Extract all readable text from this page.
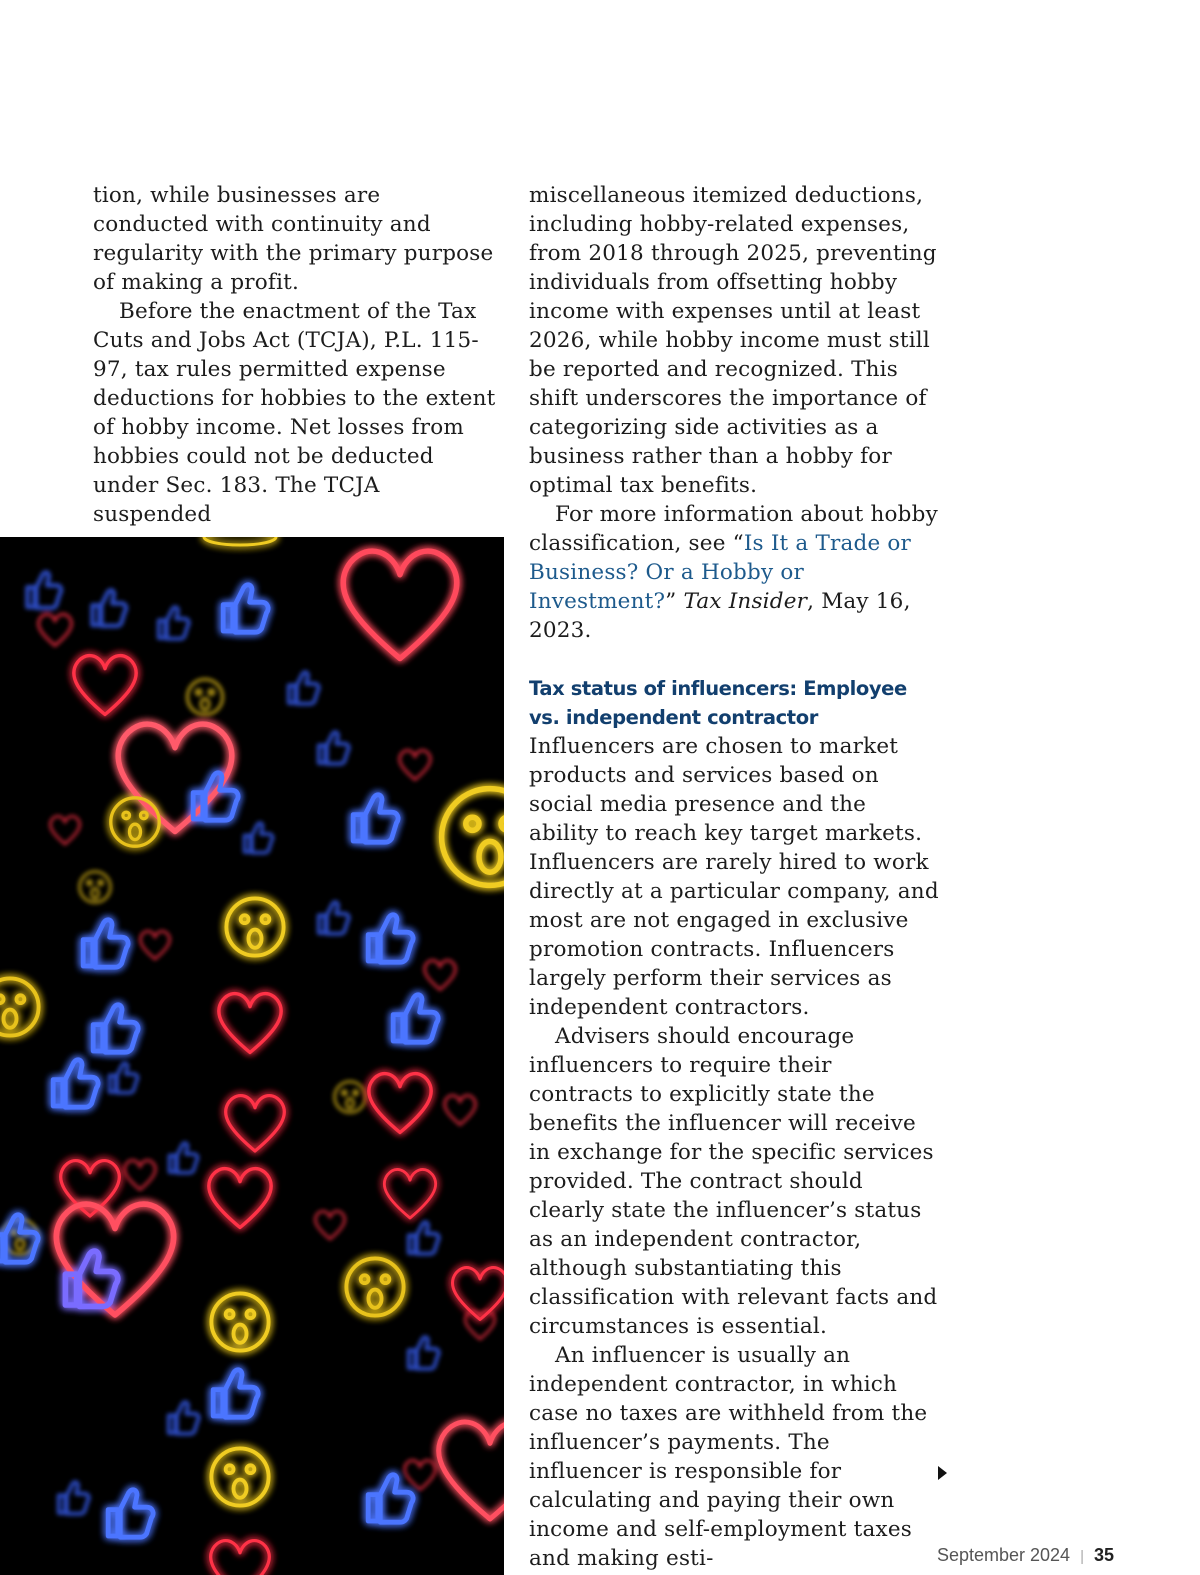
tion, while businesses are conducted with continuity and regularity with the primary purpose of making a profit.

Before the enactment of the Tax Cuts and Jobs Act (TCJA), P.L. 115-97, tax rules permitted expense deductions for hobbies to the extent of hobby income. Net losses from hobbies could not be deducted under Sec. 183. The TCJA suspended

miscellaneous itemized deductions, including hobby-related expenses, from 2018 through 2025, preventing individuals from offsetting hobby income with expenses until at least 2026, while hobby income must still be reported and recognized. This shift underscores the importance of categorizing side activities as a business rather than a hobby for optimal tax benefits.

For more information about hobby classification, see “Is It a Trade or Business? Or a Hobby or Investment?” Tax Insider, May 16, 2023.

Tax status of influencers: Employee vs. independent contractor

Influencers are chosen to market products and services based on social media presence and the ability to reach key target markets. Influencers are rarely hired to work directly at a particular company, and most are not engaged in exclusive promotion contracts. Influencers largely perform their services as independent contractors.

Advisers should encourage influencers to require their contracts to explicitly state the benefits the influencer will receive in exchange for the specific services provided. The contract should clearly state the influencer’s status as an independent contractor, although substantiating this classification with relevant facts and circumstances is essential.

An influencer is usually an independent contractor, in which case no taxes are withheld from the influencer’s payments. The influencer is responsible for calculating and paying their own income and self-employment taxes and making esti-	September 2024 | 35
